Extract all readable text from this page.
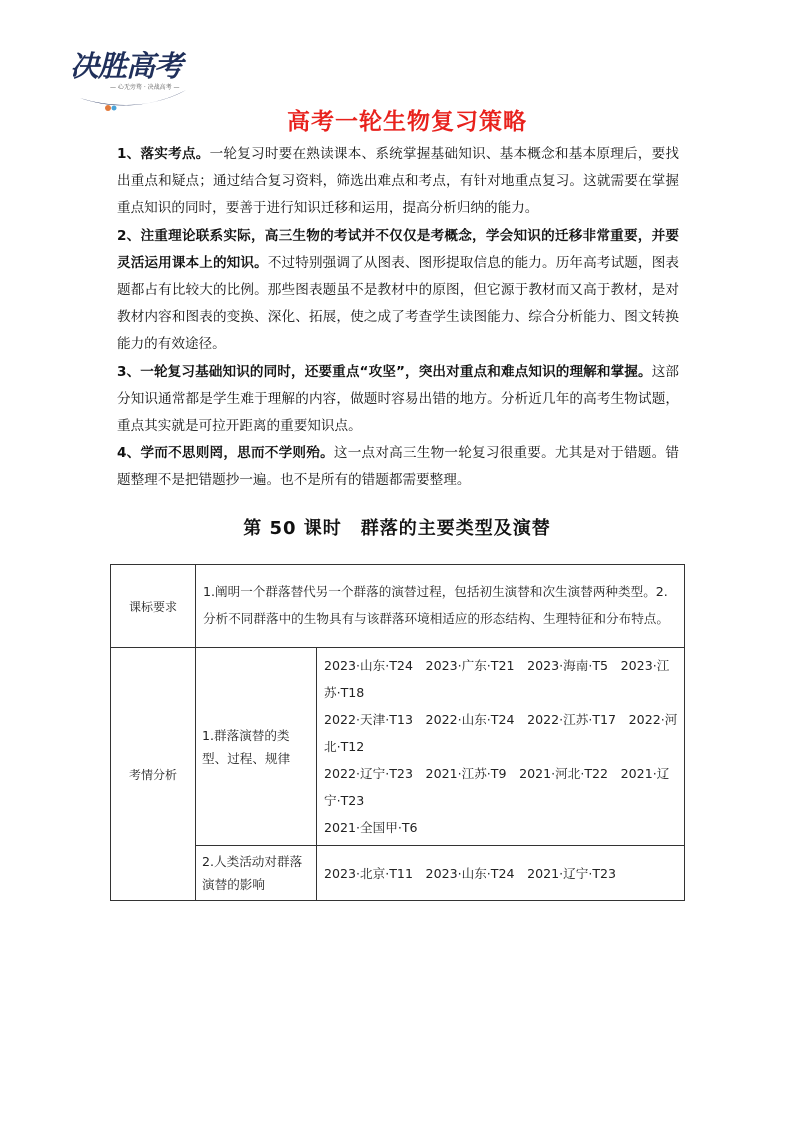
决胜高考
— 心无旁骛 · 决战高考 —
高考一轮生物复习策略

1、落实考点。一轮复习时要在熟读课本、系统掌握基础知识、基本概念和基本原理后，要找出重点和疑点；通过结合复习资料，筛选出难点和考点，有针对地重点复习。这就需要在掌握重点知识的同时，要善于进行知识迁移和运用，提高分析归纳的能力。

2、注重理论联系实际，高三生物的考试并不仅仅是考概念，学会知识的迁移非常重要，并要灵活运用课本上的知识。不过特别强调了从图表、图形提取信息的能力。历年高考试题，图表题都占有比较大的比例。那些图表题虽不是教材中的原图，但它源于教材而又高于教材，是对教材内容和图表的变换、深化、拓展，使之成了考查学生读图能力、综合分析能力、图文转换能力的有效途径。

3、一轮复习基础知识的同时，还要重点“攻坚”，突出对重点和难点知识的理解和掌握。这部分知识通常都是学生难于理解的内容，做题时容易出错的地方。分析近几年的高考生物试题，重点其实就是可拉开距离的重要知识点。

4、学而不思则罔，思而不学则殆。这一点对高三生物一轮复习很重要。尤其是对于错题。错题整理不是把错题抄一遍。也不是所有的错题都需要整理。

第 50 课时　群落的主要类型及演替
课标要求	1.阐明一个群落替代另一个群落的演替过程，包括初生演替和次生演替两种类型。2.分析不同群落中的生物具有与该群落环境相适应的形态结构、生理特征和分布特点。	
考情分析	1.群落演替的类型、过程、规律	2023·山东·T24　2023·广东·T21　2023·海南·T5　2023·江苏·T18
2022·天津·T13　2022·山东·T24　2022·江苏·T17　2022·河北·T12
2022·辽宁·T23　2021·江苏·T9　2021·河北·T22　2021·辽宁·T23
2021·全国甲·T6

	2.人类活动对群落演替的影响	2023·北京·T11　2023·山东·T24　2021·辽宁·T23
